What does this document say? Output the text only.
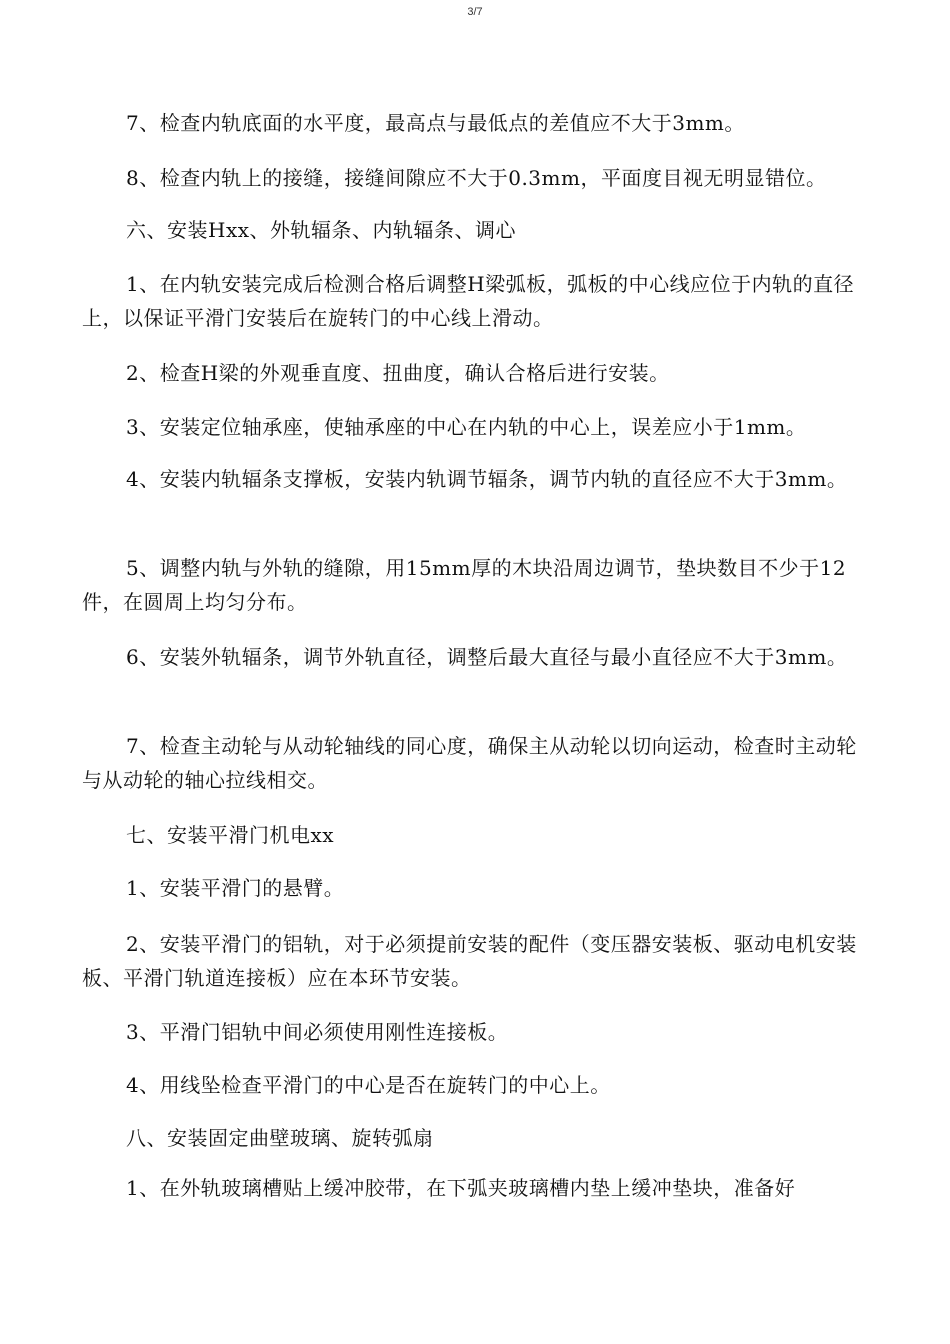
3/7

7、检查内轨底面的水平度，最高点与最低点的差值应不大于3mm。

8、检查内轨上的接缝，接缝间隙应不大于0.3mm，平面度目视无明显错位。

六、安装Hxx、外轨辐条、内轨辐条、调心

1、在内轨安装完成后检测合格后调整H梁弧板，弧板的中心线应位于内轨的直径上，以保证平滑门安装后在旋转门的中心线上滑动。

2、检查H梁的外观垂直度、扭曲度，确认合格后进行安装。

3、安装定位轴承座，使轴承座的中心在内轨的中心上，误差应小于1mm。

4、安装内轨辐条支撑板，安装内轨调节辐条，调节内轨的直径应不大于3mm。

5、调整内轨与外轨的缝隙，用15mm厚的木块沿周边调节，垫块数目不少于12件，在圆周上均匀分布。

6、安装外轨辐条，调节外轨直径，调整后最大直径与最小直径应不大于3mm。

7、检查主动轮与从动轮轴线的同心度，确保主从动轮以切向运动，检查时主动轮与从动轮的轴心拉线相交。

七、安装平滑门机电xx

1、安装平滑门的悬臂。

2、安装平滑门的铝轨，对于必须提前安装的配件（变压器安装板、驱动电机安装板、平滑门轨道连接板）应在本环节安装。

3、平滑门铝轨中间必须使用刚性连接板。

4、用线坠检查平滑门的中心是否在旋转门的中心上。

八、安装固定曲壁玻璃、旋转弧扇

1、在外轨玻璃槽贴上缓冲胶带，在下弧夹玻璃槽内垫上缓冲垫块，准备好
